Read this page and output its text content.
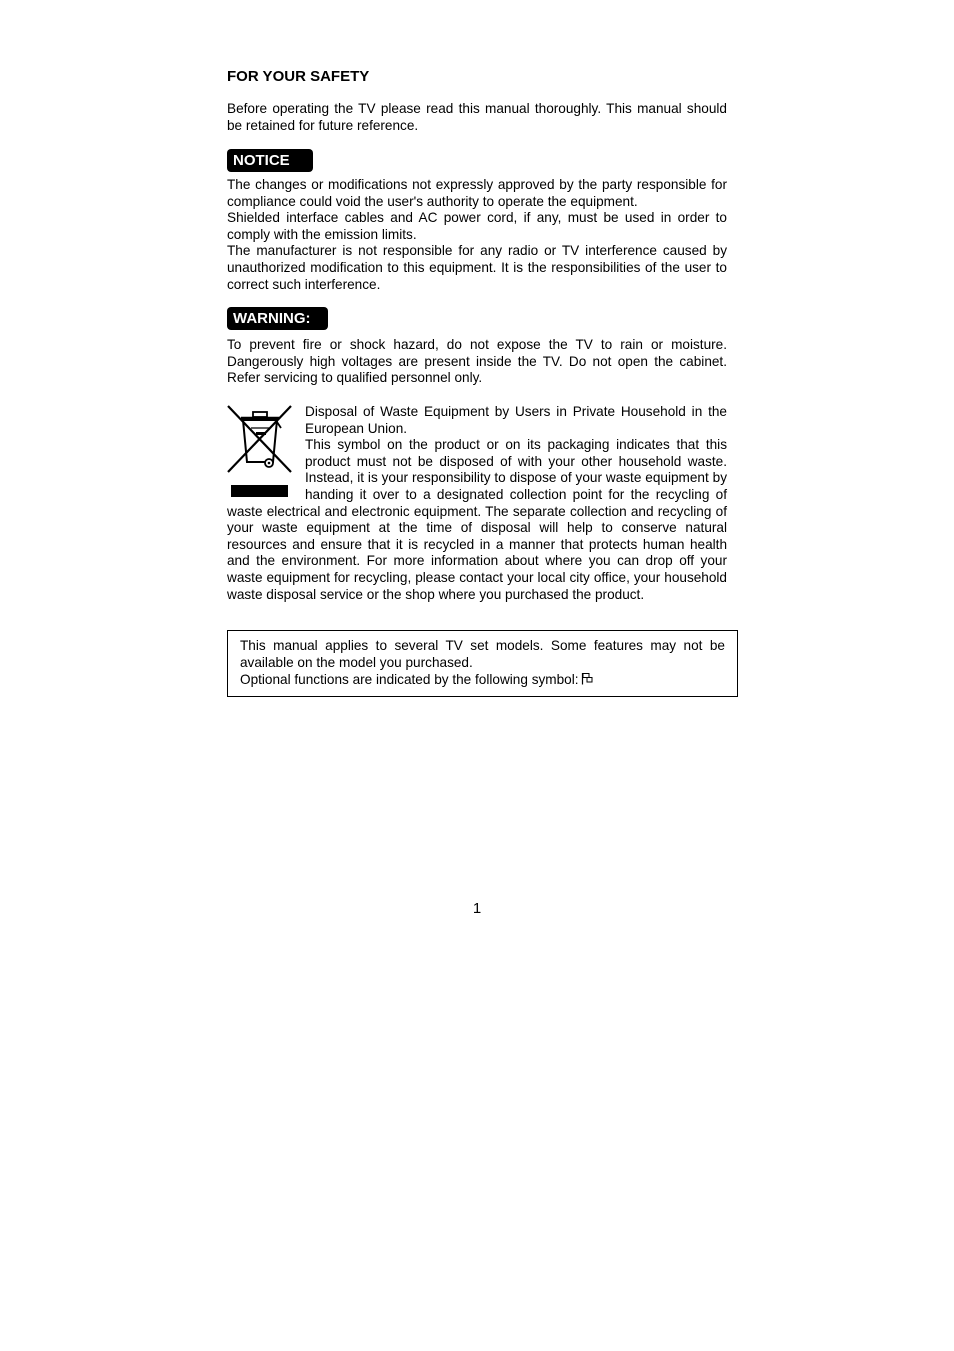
FOR YOUR SAFETY

Before operating the TV please read this manual thoroughly. This manual should be retained for future reference.

NOTICE

The changes or modifications not expressly approved by the party responsible for compliance could void the user's authority to operate the equipment.
Shielded interface cables and AC power cord, if any, must be used in order to comply with the emission limits.
The manufacturer is not responsible for any radio or TV interference caused by unauthorized modification to this equipment. It is the responsibilities of the user to correct such interference.

WARNING:

To prevent fire or shock hazard, do not expose the TV to rain or moisture. Dangerously high voltages are present inside the TV. Do not open the cabinet. Refer servicing to qualified personnel only.

Disposal of Waste Equipment by Users in Private Household in the European Union.
This symbol on the product or on its packaging indicates that this product must not be disposed of with your other household waste. Instead, it is your responsibility to dispose of your waste equipment by handing it over to a designated collection point for the recycling of waste electrical and electronic equipment. The separate collection and recycling of your waste equipment at the time of disposal will help to conserve natural resources and ensure that it is recycled in a manner that protects human health and the environment. For more information about where you can drop off your waste equipment for recycling, please contact your local city office, your household waste disposal service or the shop where you purchased the product.

This manual applies to several TV set models. Some features may not be available on the model you purchased.

Optional functions are indicated by the following symbol:

1
